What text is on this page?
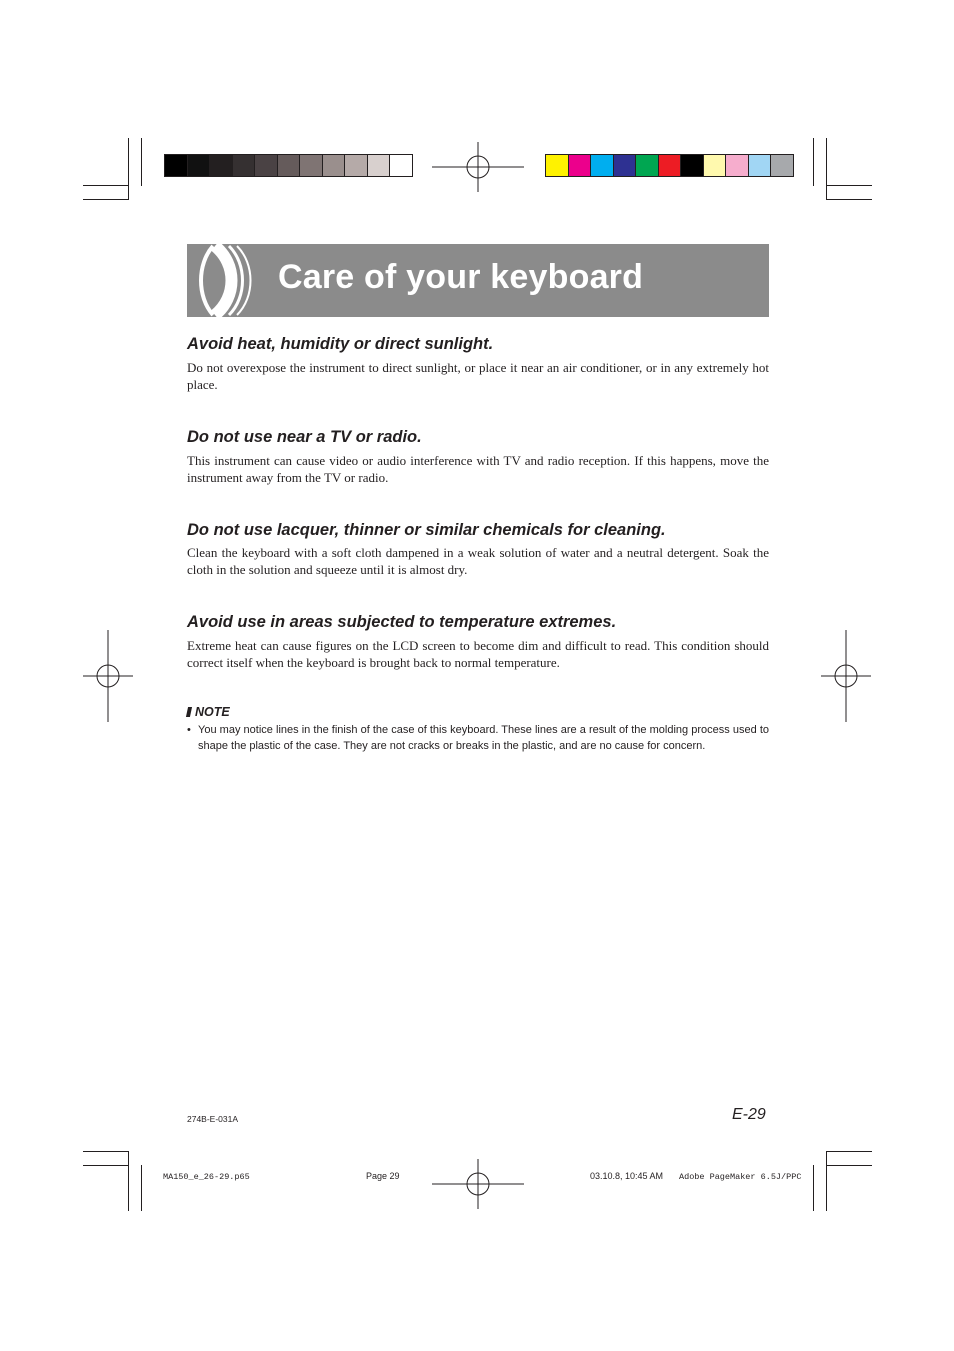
Care of your keyboard
Avoid heat, humidity or direct sunlight.
Do not overexpose the instrument to direct sunlight, or place it near an air conditioner, or in any extremely hot place.
Do not use near a TV or radio.
This instrument can cause video or audio interference with TV and radio reception. If this happens, move the instrument away from the TV or radio.
Do not use lacquer, thinner or similar chemicals for cleaning.
Clean the keyboard with a soft cloth dampened in a weak solution of water and a neutral detergent. Soak the cloth in the solution and squeeze until it is almost dry.
Avoid use in areas subjected to temperature extremes.
Extreme heat can cause figures on the LCD screen to become dim and difficult to read. This condition should correct itself when the keyboard is brought back to normal temperature.
NOTE
• You may notice lines in the finish of the case of this keyboard. These lines are a result of the molding process used to shape the plastic of the case. They are not cracks or breaks in the plastic, and are no cause for concern.
274B-E-031A	E-29
MA150_e_26-29.p65	Page 29	03.10.8, 10:45 AM Adobe PageMaker 6.5J/PPC
